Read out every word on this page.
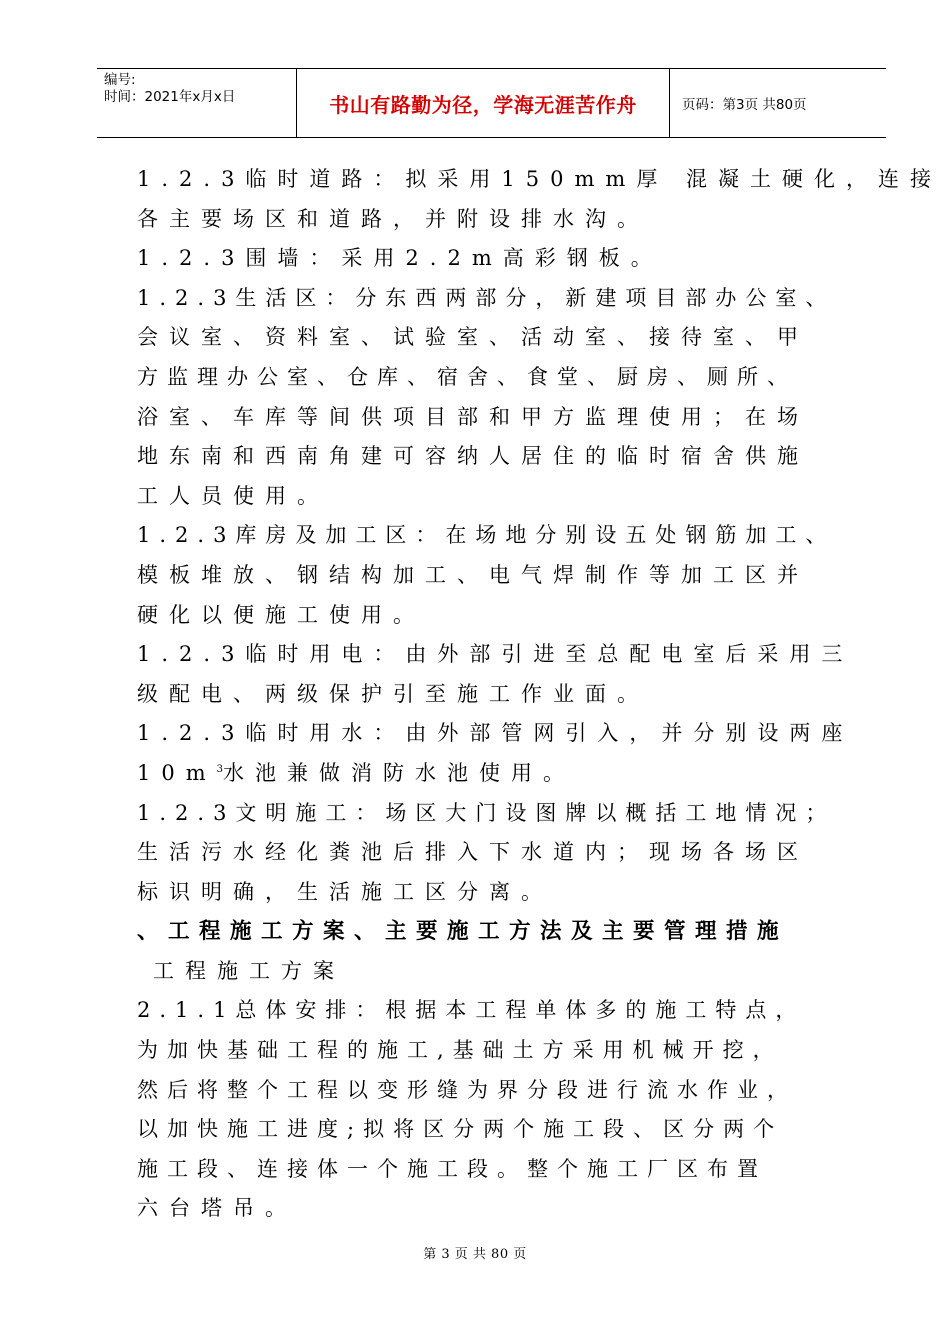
编号:
时间：2021年x月x日	书山有路勤为径，学海无涯苦作舟	页码：第3页 共80页
1.2.3临时道路：拟采用150mm厚 混凝土硬化，连接
各主要场区和道路，并附设排水沟。
1.2.3围墙：采用2.2m高彩钢板。
1.2.3生活区：分东西两部分，新建项目部办公室、
会议室、资料室、试验室、活动室、接待室、甲
方监理办公室、仓库、宿舍、食堂、厨房、厕所、
浴室、车库等间供项目部和甲方监理使用；在场
地东南和西南角建可容纳人居住的临时宿舍供施
工人员使用。
1.2.3库房及加工区：在场地分别设五处钢筋加工、
模板堆放、钢结构加工、电气焊制作等加工区并
硬化以便施工使用。
1.2.3临时用电：由外部引进至总配电室后采用三
级配电、两级保护引至施工作业面。
1.2.3临时用水：由外部管网引入，并分别设两座
$10m^3$水池兼做消防水池使用。
1.2.3文明施工：场区大门设图牌以概括工地情况；
生活污水经化粪池后排入下水道内；现场各场区
标识明确，生活施工区分离。
、工程施工方案、主要施工方法及主要管理措施
工程施工方案
2.1.1总体安排：根据本工程单体多的施工特点，
为加快基础工程的施工,基础土方采用机械开挖，
然后将整个工程以变形缝为界分段进行流水作业，
以加快施工进度;拟将区分两个施工段、区分两个
施工段、连接体一个施工段。整个施工厂区布置
六台塔吊。
第 3 页 共 80 页
